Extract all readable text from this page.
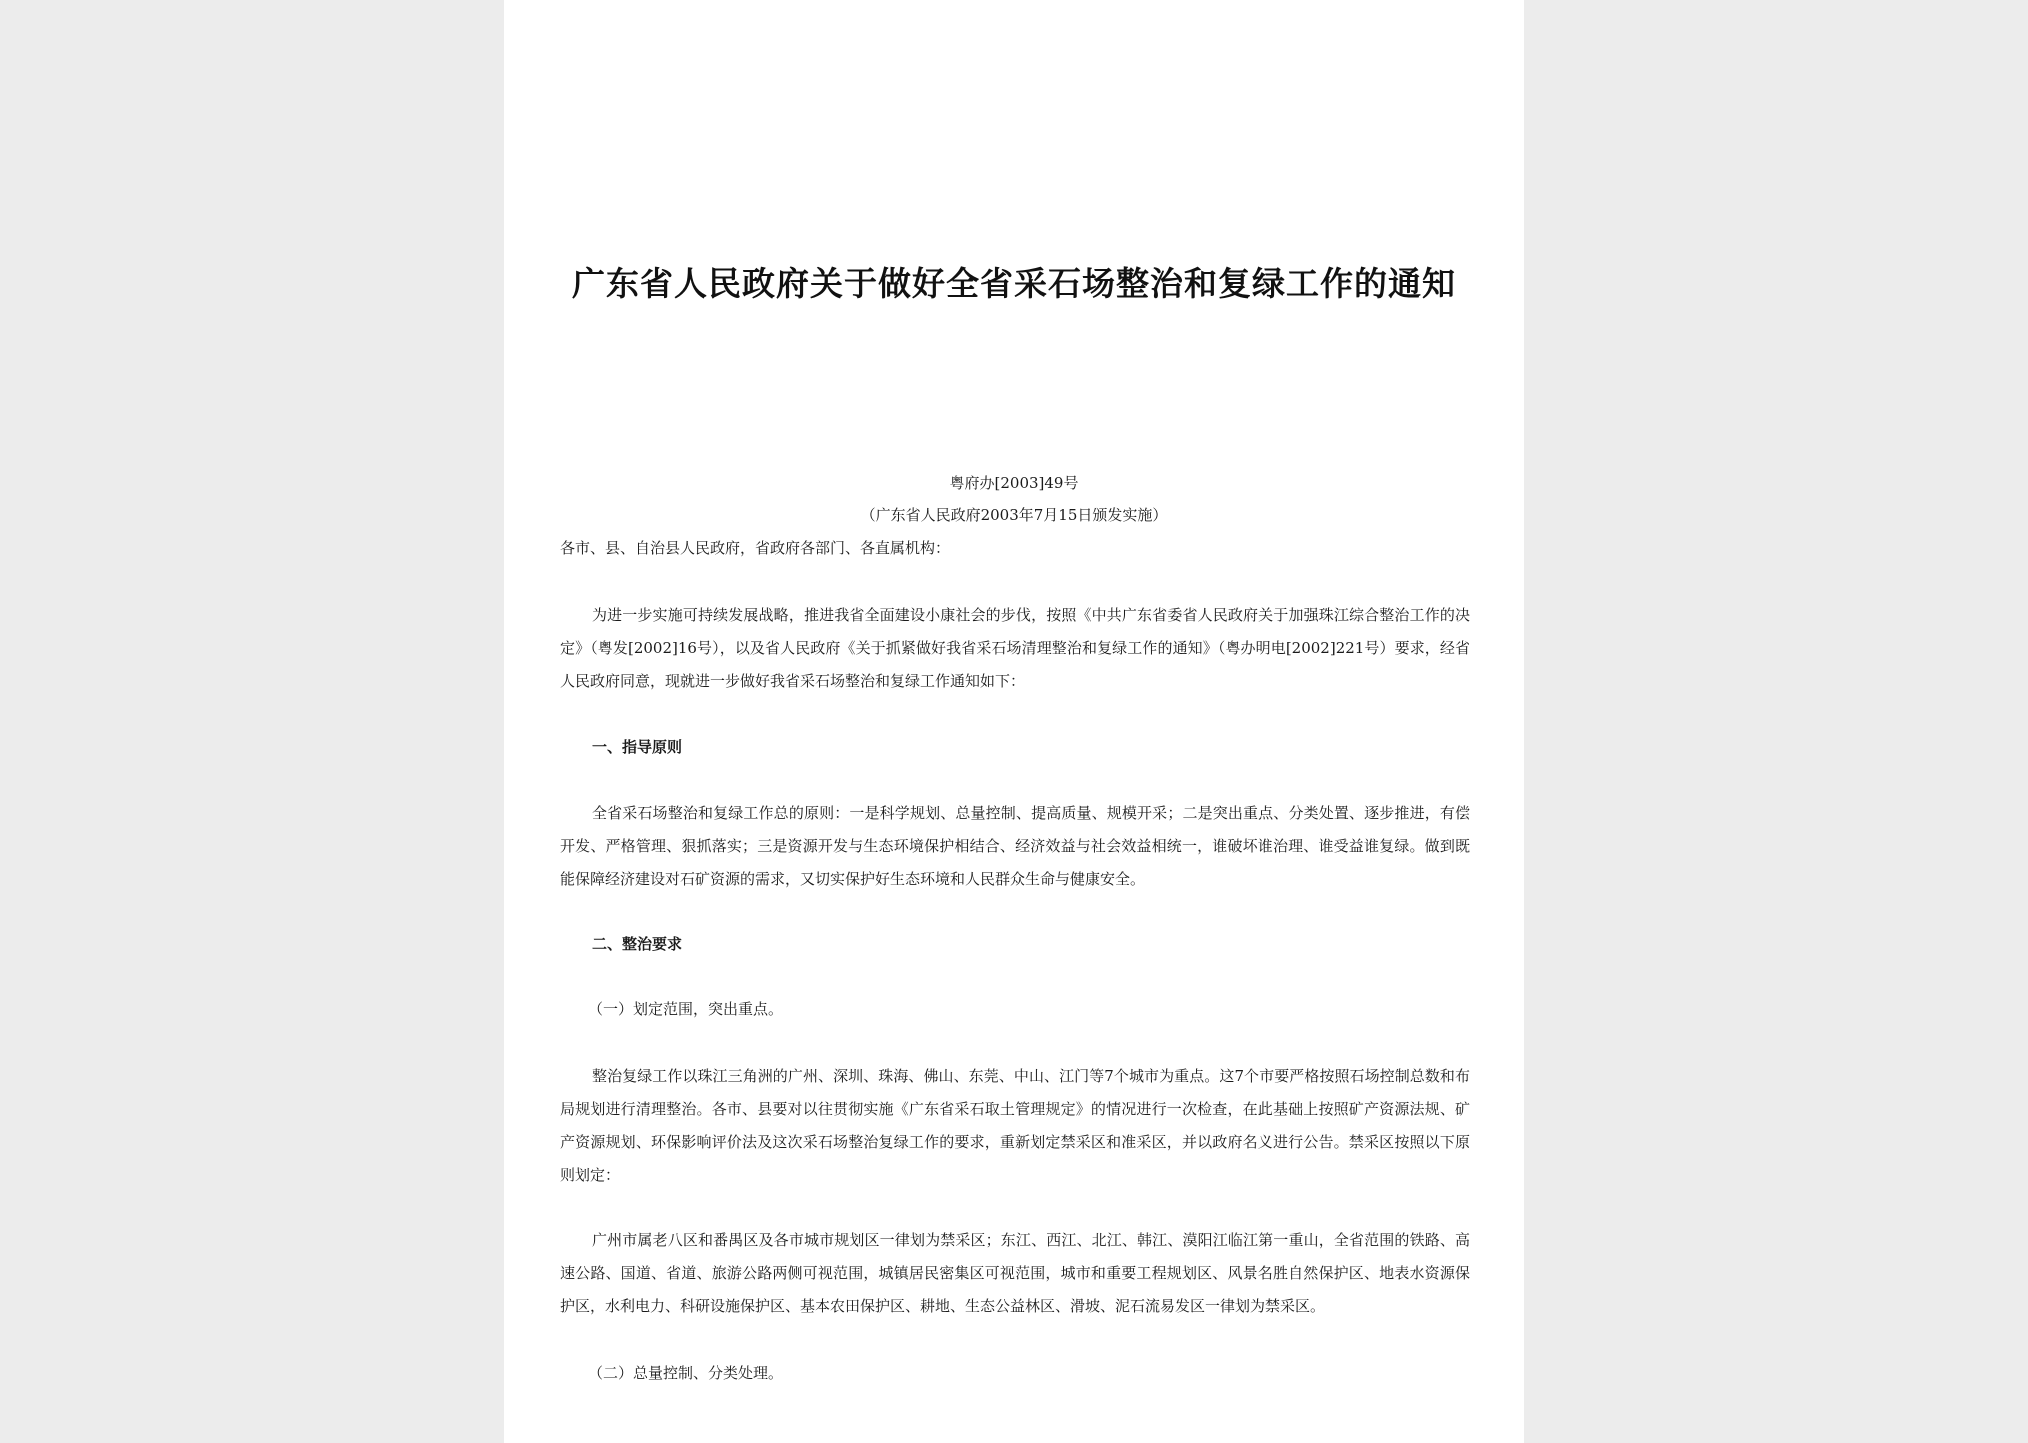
广东省人民政府关于做好全省采石场整治和复绿工作的通知
粤府办[2003]49号
（广东省人民政府2003年7月15日颁发实施）

各市、县、自治县人民政府，省政府各部门、各直属机构：

为进一步实施可持续发展战略，推进我省全面建设小康社会的步伐，按照《中共广东省委省人民政府关于加强珠江综合整治工作的决定》（粤发[2002]16号），以及省人民政府《关于抓紧做好我省采石场清理整治和复绿工作的通知》（粤办明电[2002]221号）要求，经省人民政府同意，现就进一步做好我省采石场整治和复绿工作通知如下：

一、指导原则

全省采石场整治和复绿工作总的原则：一是科学规划、总量控制、提高质量、规模开采；二是突出重点、分类处置、逐步推进，有偿开发、严格管理、狠抓落实；三是资源开发与生态环境保护相结合、经济效益与社会效益相统一，谁破坏谁治理、谁受益谁复绿。做到既能保障经济建设对石矿资源的需求，又切实保护好生态环境和人民群众生命与健康安全。

二、整治要求
（一）划定范围，突出重点。

整治复绿工作以珠江三角洲的广州、深圳、珠海、佛山、东莞、中山、江门等7个城市为重点。这7个市要严格按照石场控制总数和布局规划进行清理整治。各市、县要对以往贯彻实施《广东省采石取土管理规定》的情况进行一次检查，在此基础上按照矿产资源法规、矿产资源规划、环保影响评价法及这次采石场整治复绿工作的要求，重新划定禁采区和准采区，并以政府名义进行公告。禁采区按照以下原则划定：

广州市属老八区和番禺区及各市城市规划区一律划为禁采区；东江、西江、北江、韩江、漠阳江临江第一重山，全省范围的铁路、高速公路、国道、省道、旅游公路两侧可视范围，城镇居民密集区可视范围，城市和重要工程规划区、风景名胜自然保护区、地表水资源保护区，水利电力、科研设施保护区、基本农田保护区、耕地、生态公益林区、滑坡、泥石流易发区一律划为禁采区。

（二）总量控制、分类处理。
